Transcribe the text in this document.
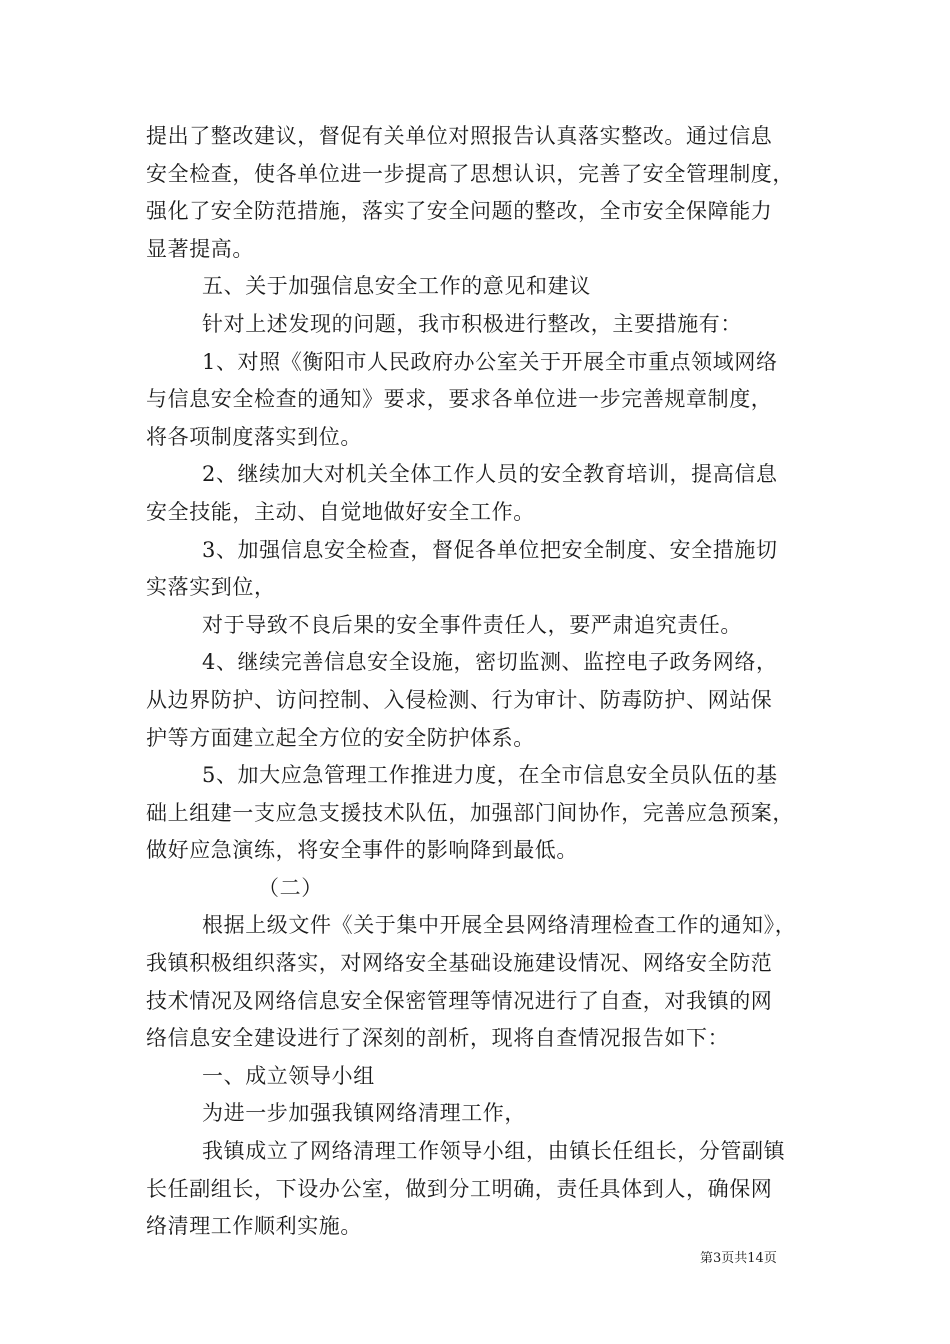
提出了整改建议，督促有关单位对照报告认真落实整改。通过信息
安全检查，使各单位进一步提高了思想认识，完善了安全管理制度，
强化了安全防范措施，落实了安全问题的整改，全市安全保障能力
显著提高。
五、关于加强信息安全工作的意见和建议
针对上述发现的问题，我市积极进行整改，主要措施有：
1、对照《衡阳市人民政府办公室关于开展全市重点领域网络
与信息安全检查的通知》要求，要求各单位进一步完善规章制度，
将各项制度落实到位。
2、继续加大对机关全体工作人员的安全教育培训，提高信息
安全技能，主动、自觉地做好安全工作。
3、加强信息安全检查，督促各单位把安全制度、安全措施切
实落实到位，
对于导致不良后果的安全事件责任人，要严肃追究责任。
4、继续完善信息安全设施，密切监测、监控电子政务网络，
从边界防护、访问控制、入侵检测、行为审计、防毒防护、网站保
护等方面建立起全方位的安全防护体系。
5、加大应急管理工作推进力度，在全市信息安全员队伍的基
础上组建一支应急支援技术队伍，加强部门间协作，完善应急预案，
做好应急演练，将安全事件的影响降到最低。
（二）
根据上级文件《关于集中开展全县网络清理检查工作的通知》，
我镇积极组织落实，对网络安全基础设施建设情况、网络安全防范
技术情况及网络信息安全保密管理等情况进行了自查，对我镇的网
络信息安全建设进行了深刻的剖析，现将自查情况报告如下：
一、成立领导小组
为进一步加强我镇网络清理工作，
我镇成立了网络清理工作领导小组，由镇长任组长，分管副镇
长任副组长，下设办公室，做到分工明确，责任具体到人，确保网
络清理工作顺利实施。
第3页共14页
